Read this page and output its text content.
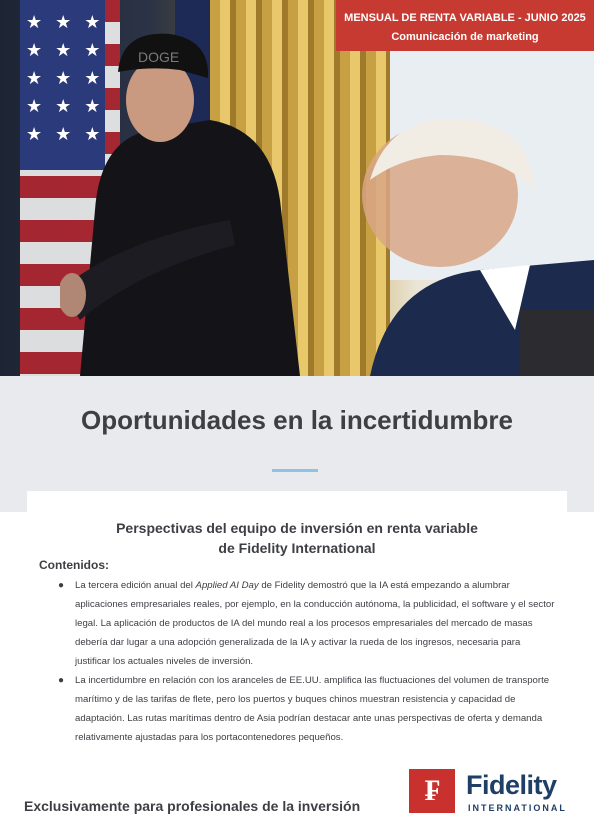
★ ★ ★ ★ ★ ★ ★ ★ ★ ★ ★ ★ ★ ★ ★
DOGE
MENSUAL DE RENTA VARIABLE - JUNIO 2025
Comunicación de marketing
Oportunidades en la incertidumbre
Perspectivas del equipo de inversión en renta variable
de Fidelity International
Contenidos:
● La tercera edición anual del Applied AI Day de Fidelity demostró que la IA está empezando a alumbrar aplicaciones empresariales reales, por ejemplo, en la conducción autónoma, la publicidad, el software y el sector legal. La aplicación de productos de IA del mundo real a los procesos empresariales del mercado de masas debería dar lugar a una adopción generalizada de la IA y activar la rueda de los ingresos, necesaria para justificar los actuales niveles de inversión.
● La incertidumbre en relación con los aranceles de EE.UU. amplifica las fluctuaciones del volumen de transporte marítimo y de las tarifas de flete, pero los puertos y buques chinos muestran resistencia y capacidad de adaptación. Las rutas marítimas dentro de Asia podrían destacar ante unas perspectivas de oferta y demanda relativamente ajustadas para los portacontenedores pequeños.
Exclusivamente para profesionales de la inversión	₣ Fidelity
INTERNATIONAL
